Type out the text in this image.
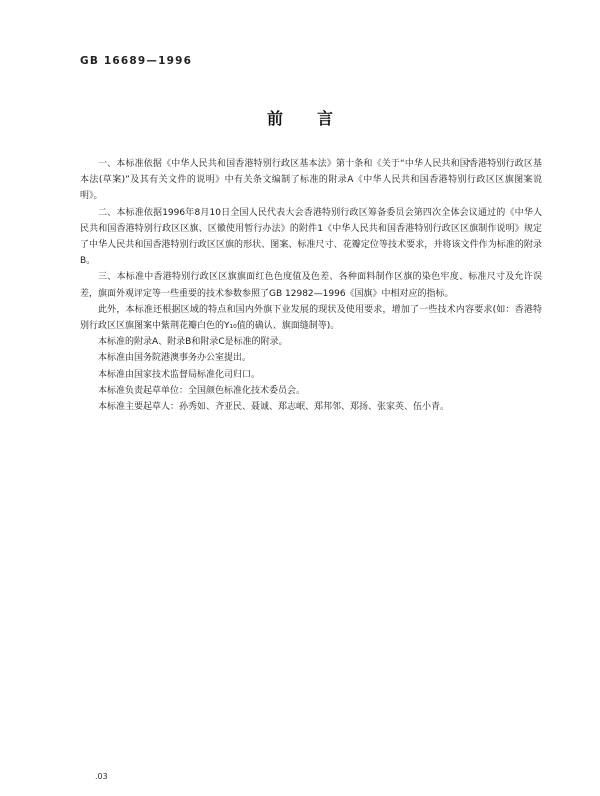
GB 16689—1996
前言

一、本标准依据《中华人民共和国香港特别行政区基本法》第十条和《关于“中华人民共和国香港特别行政区基本法(草案)”及其有关文件的说明》中有关条文编制了标准的附录A《中华人民共和国香港特别行政区区旗图案说明》。

二、本标准依据1996年8月10日全国人民代表大会香港特别行政区筹备委员会第四次全体会议通过的《中华人民共和国香港特别行政区区旗、区徽使用暂行办法》的附件1《中华人民共和国香港特别行政区区旗制作说明》规定了中华人民共和国香港特别行政区区旗的形状、图案、标准尺寸、花瓣定位等技术要求，并将该文件作为标准的附录B。

三、本标准中香港特别行政区区旗旗面红色色度值及色差、各种面料制作区旗的染色牢度、标准尺寸及允许误差，旗面外观评定等一些重要的技术参数参照了GB 12982—1996《国旗》中相对应的指标。

此外，本标准还根据区域的特点和国内外旗下业发展的现状及使用要求，增加了一些技术内容要求(如：香港特别行政区区旗图案中紫荆花瓣白色的Y₁₀值的确认、旗面缝制等)。

本标准的附录A、附录B和附录C是标准的附录。

本标准由国务院港澳事务办公室提出。

本标准由国家技术监督局标准化司归口。

本标准负责起草单位：全国颜色标准化技术委员会。

本标准主要起草人：孙秀如、齐亚民、聂诚、郑志岷、郑邦邻、郑扬、张家英、伍小青。

.03
